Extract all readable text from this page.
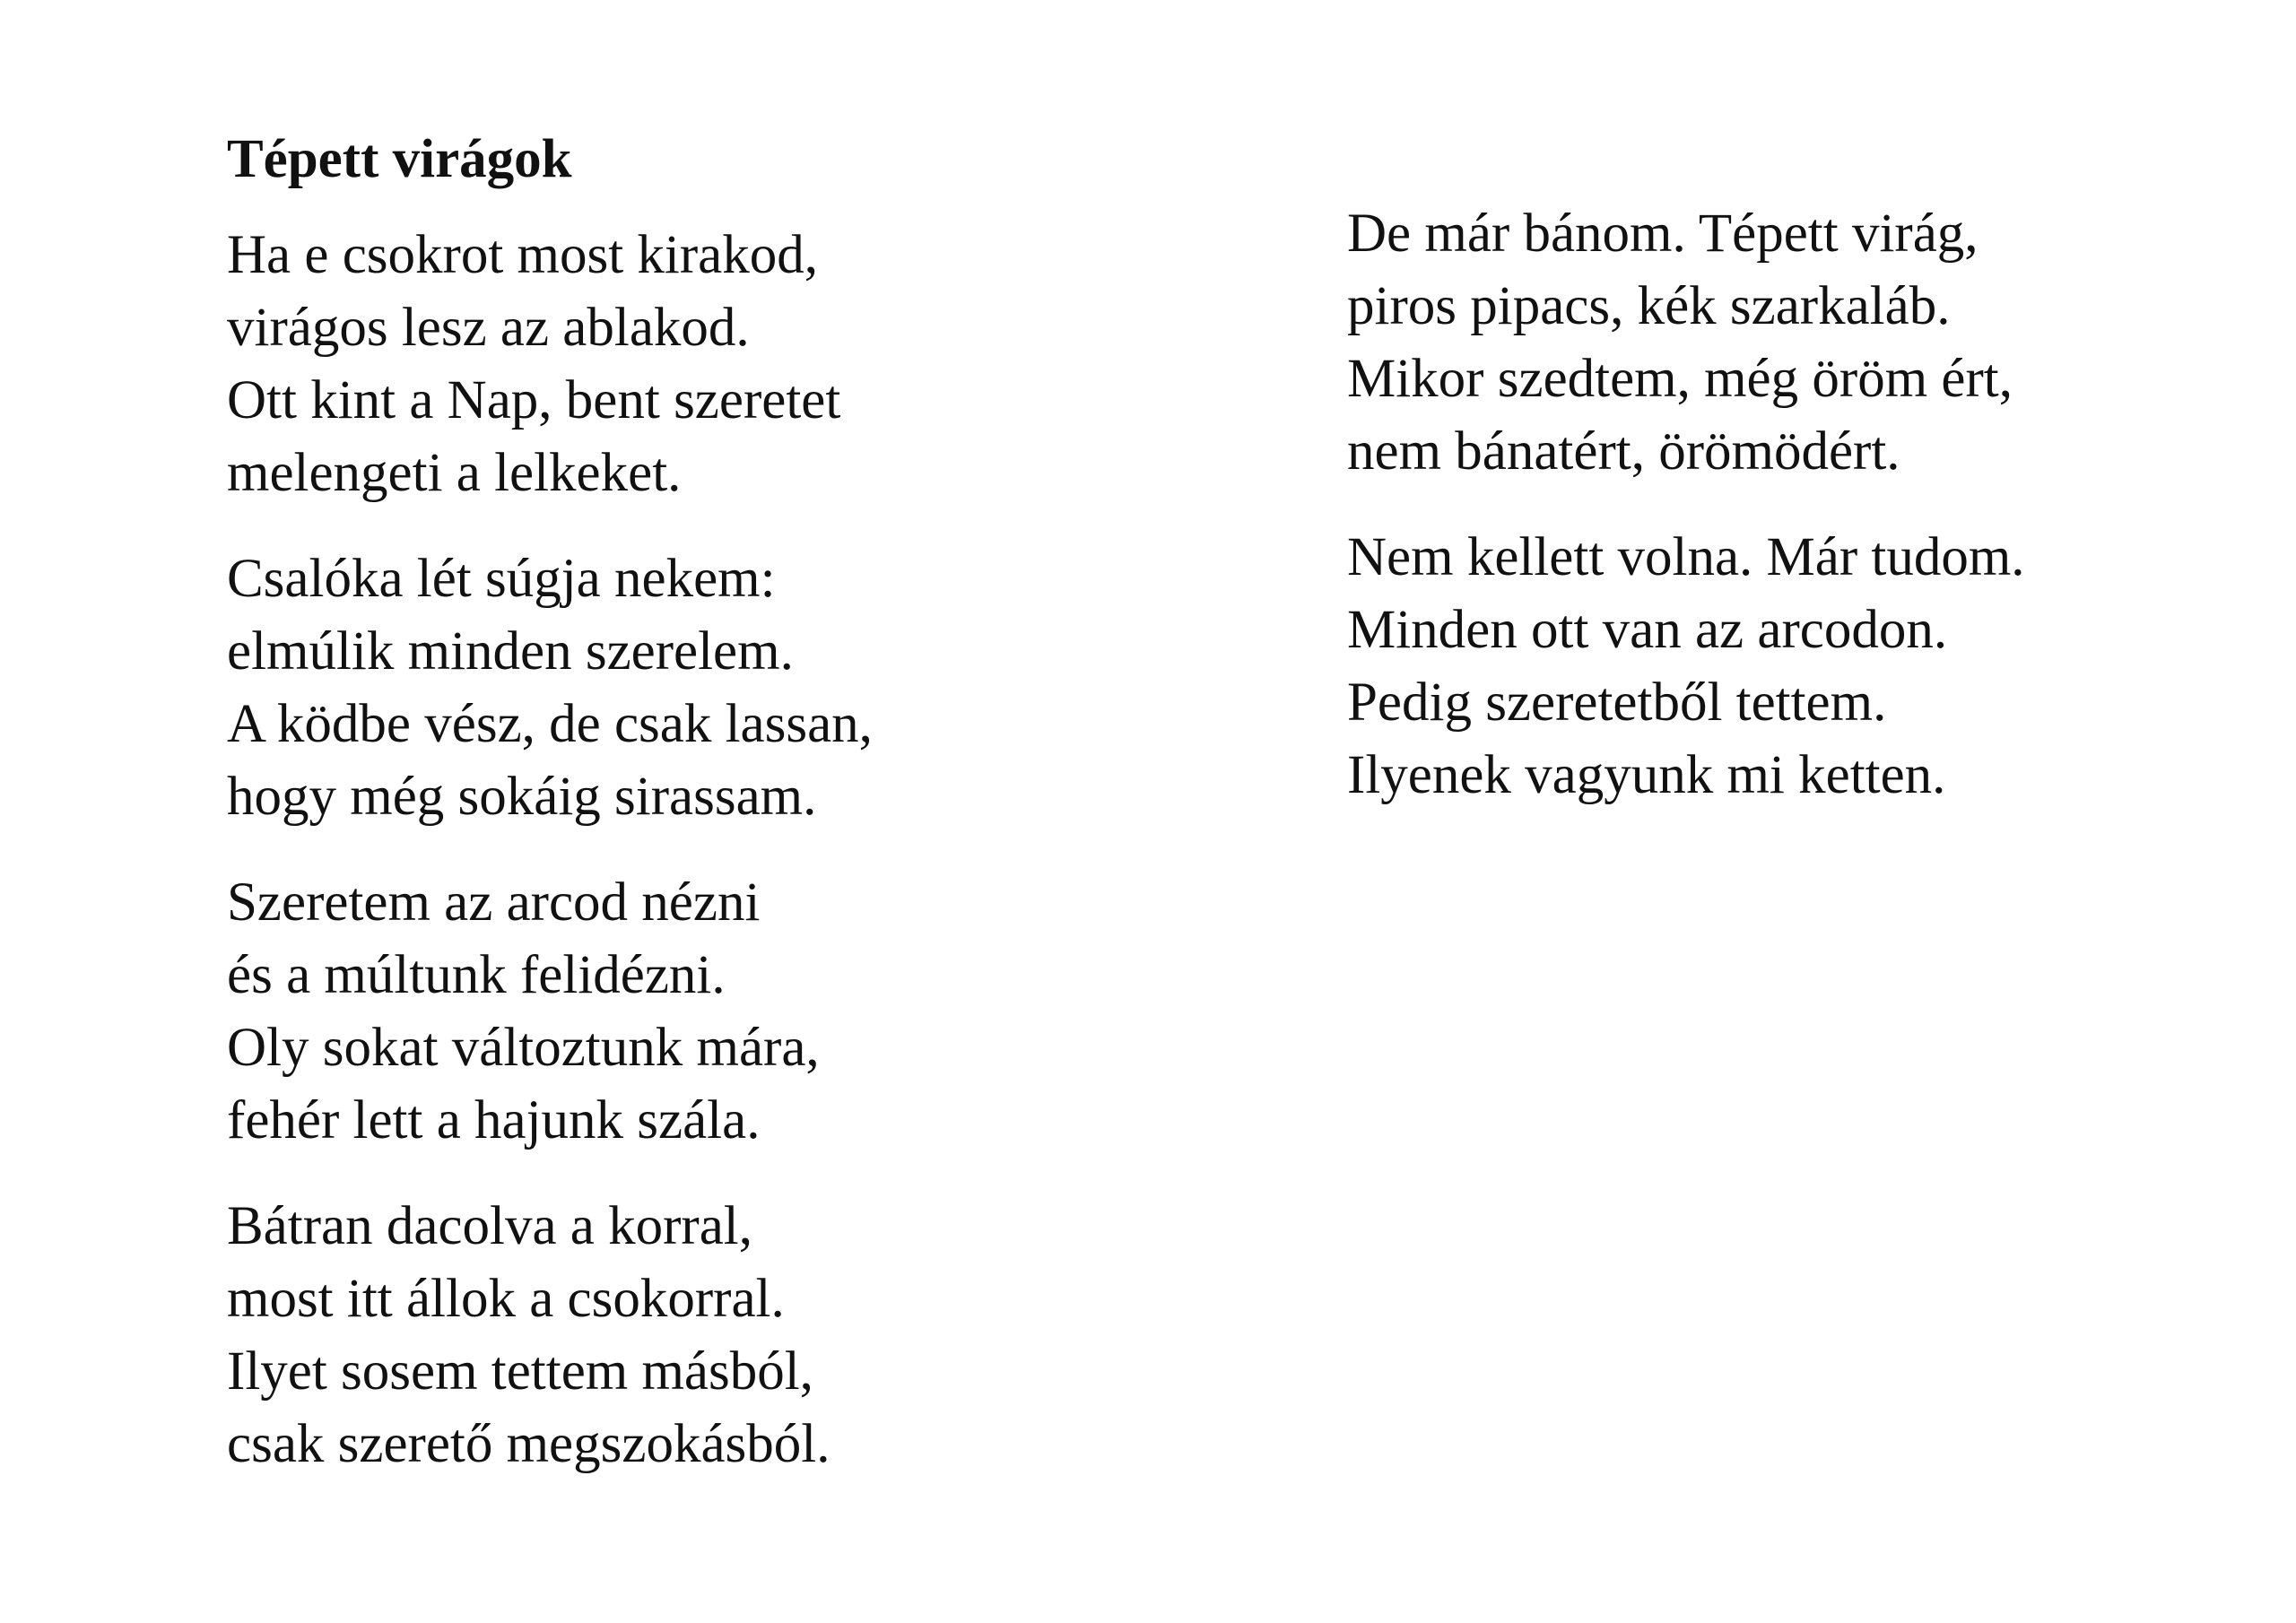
Tépett virágok
Ha e csokrot most kirakod,
virágos lesz az ablakod.
Ott kint a Nap, bent szeretet
melengeti a lelkeket.
Csalóka lét súgja nekem:
elmúlik minden szerelem.
A ködbe vész, de csak lassan,
hogy még sokáig sirassam.
Szeretem az arcod nézni
és a múltunk felidézni.
Oly sokat változtunk mára,
fehér lett a hajunk szála.
Bátran dacolva a korral,
most itt állok a csokorral.
Ilyet sosem tettem másból,
csak szerető megszokásból.
De már bánom. Tépett virág,
piros pipacs, kék szarkaláb.
Mikor szedtem, még öröm ért,
nem bánatért, örömödért.
Nem kellett volna. Már tudom.
Minden ott van az arcodon.
Pedig szeretetből tettem.
Ilyenek vagyunk mi ketten.
